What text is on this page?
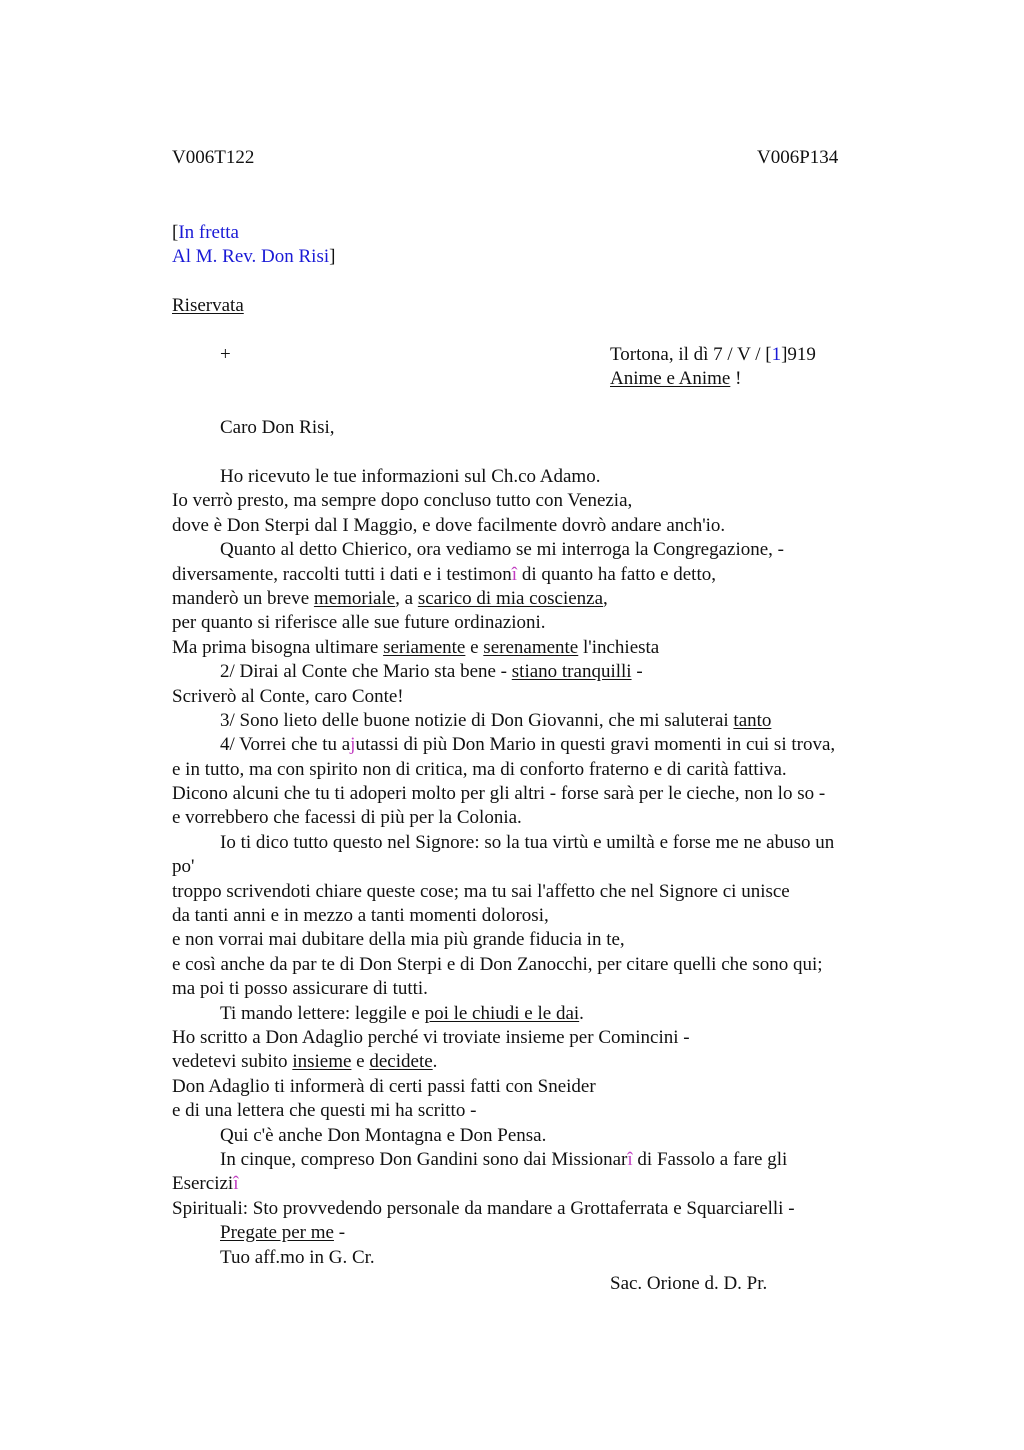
V006T122	V006P134
[In fretta
Al M. Rev. Don Risi]
Riservata
+	Tortona, il dì 7 / V / [1]919
Anime e Anime !
Caro Don Risi,
Ho ricevuto le tue informazioni sul Ch.co Adamo.
Io verrò presto, ma sempre dopo concluso tutto con Venezia,
dove è Don Sterpi dal I Maggio, e dove facilmente dovrò andare anch'io.
Quanto al detto Chierico, ora vediamo se mi interroga la Congregazione, -
diversamente, raccolti tutti i dati e i testimonî di quanto ha fatto e detto,
manderò un breve memoriale, a scarico di mia coscienza,
per quanto si riferisce alle sue future ordinazioni.
Ma prima bisogna ultimare seriamente e serenamente l'inchiesta
2/ Dirai al Conte che Mario sta bene - stiano tranquilli -
Scriverò al Conte, caro Conte!
3/ Sono lieto delle buone notizie di Don Giovanni, che mi saluterai tanto
4/ Vorrei che tu ajutassi di più Don Mario in questi gravi momenti in cui si trova,
e in tutto, ma con spirito non di critica, ma di conforto fraterno e di carità fattiva.
Dicono alcuni che tu ti adoperi molto per gli altri - forse sarà per le cieche, non lo so -
e vorrebbero che facessi di più per la Colonia.
Io ti dico tutto questo nel Signore: so la tua virtù e umiltà e forse me ne abuso un
po'
troppo scrivendoti chiare queste cose; ma tu sai l'affetto che nel Signore ci unisce
da tanti anni e in mezzo a tanti momenti dolorosi,
e non vorrai mai dubitare della mia più grande fiducia in te,
e così anche da par te di Don Sterpi e di Don Zanocchi, per citare quelli che sono qui;
ma poi ti posso assicurare di tutti.
Ti mando lettere: leggile e poi le chiudi e le dai.
Ho scritto a Don Adaglio perché vi troviate insieme per Comincini -
vedetevi subito insieme e decidete.
Don Adaglio ti informerà di certi passi fatti con Sneider
e di una lettera che questi mi ha scritto -
Qui c'è anche Don Montagna e Don Pensa.
In cinque, compreso Don Gandini sono dai Missionarî di Fassolo a fare gli
Eserciziî
Spirituali: Sto provvedendo personale da mandare a Grottaferrata e Squarciarelli -
Pregate per me -
Tuo aff.mo in G. Cr.
Sac. Orione d. D. Pr.
